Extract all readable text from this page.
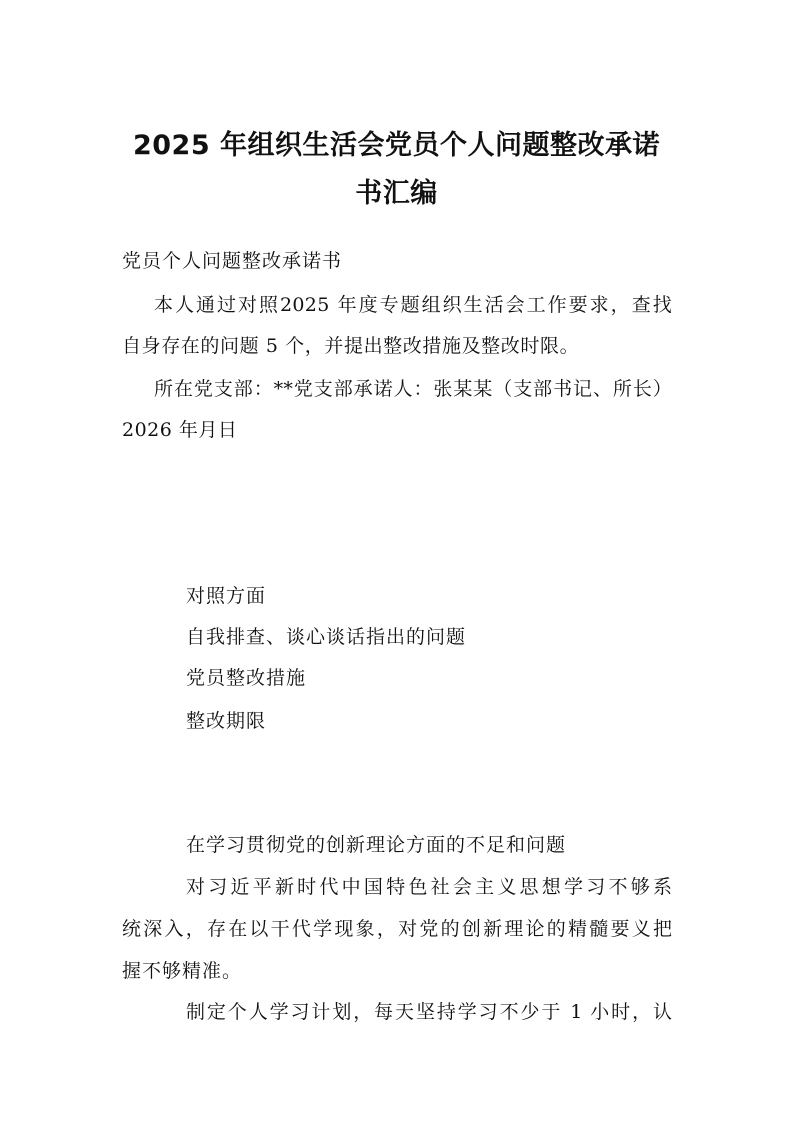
2025 年组织生活会党员个人问题整改承诺
书汇编

党员个人问题整改承诺书

本人通过对照2025 年度专题组织生活会工作要求，查找

自身存在的问题 5 个，并提出整改措施及整改时限。

所在党支部：**党支部承诺人：张某某（支部书记、所长）

2026 年月日

对照方面

自我排查、谈心谈话指出的问题

党员整改措施

整改期限

在学习贯彻党的创新理论方面的不足和问题

对习近平新时代中国特色社会主义思想学习不够系

统深入，存在以干代学现象，对党的创新理论的精髓要义把

握不够精准。

制定个人学习计划，每天坚持学习不少于 1 小时，认
